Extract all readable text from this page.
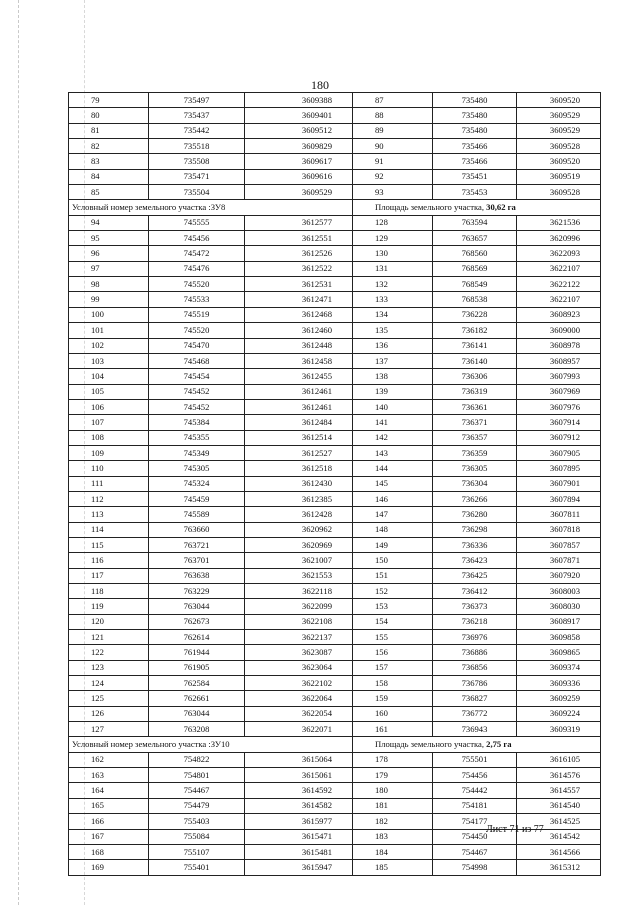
180
79	735497	3609388	87	735480	3609520
80	735437	3609401	88	735480	3609529
81	735442	3609512	89	735480	3609529
82	735518	3609829	90	735466	3609528
83	735508	3609617	91	735466	3609520
84	735471	3609616	92	735451	3609519
85	735504	3609529	93	735453	3609528
Условный номер земельного участка :ЗУ8			Площадь земельного участка, 30,62 га		
94	745555	3612577	128	763594	3621536
95	745456	3612551	129	763657	3620996
96	745472	3612526	130	768560	3622093
97	745476	3612522	131	768569	3622107
98	745520	3612531	132	768549	3622122
99	745533	3612471	133	768538	3622107
100	745519	3612468	134	736228	3608923
101	745520	3612460	135	736182	3609000
102	745470	3612448	136	736141	3608978
103	745468	3612458	137	736140	3608957
104	745454	3612455	138	736306	3607993
105	745452	3612461	139	736319	3607969
106	745452	3612461	140	736361	3607976
107	745384	3612484	141	736371	3607914
108	745355	3612514	142	736357	3607912
109	745349	3612527	143	736359	3607905
110	745305	3612518	144	736305	3607895
111	745324	3612430	145	736304	3607901
112	745459	3612385	146	736266	3607894
113	745589	3612428	147	736280	3607811
114	763660	3620962	148	736298	3607818
115	763721	3620969	149	736336	3607857
116	763701	3621007	150	736423	3607871
117	763638	3621553	151	736425	3607920
118	763229	3622118	152	736412	3608003
119	763044	3622099	153	736373	3608030
120	762673	3622108	154	736218	3608917
121	762614	3622137	155	736976	3609858
122	761944	3623087	156	736886	3609865
123	761905	3623064	157	736856	3609374
124	762584	3622102	158	736786	3609336
125	762661	3622064	159	736827	3609259
126	763044	3622054	160	736772	3609224
127	763208	3622071	161	736943	3609319
Условный номер земельного участка :ЗУ10			Площадь земельного участка, 2,75 га		
162	754822	3615064	178	755501	3616105
163	754801	3615061	179	754456	3614576
164	754467	3614592	180	754442	3614557
165	754479	3614582	181	754181	3614540
166	755403	3615977	182	754177	3614525
167	755084	3615471	183	754450	3614542
168	755107	3615481	184	754467	3614566
169	755401	3615947	185	754998	3615312
Лист 71 из 77
